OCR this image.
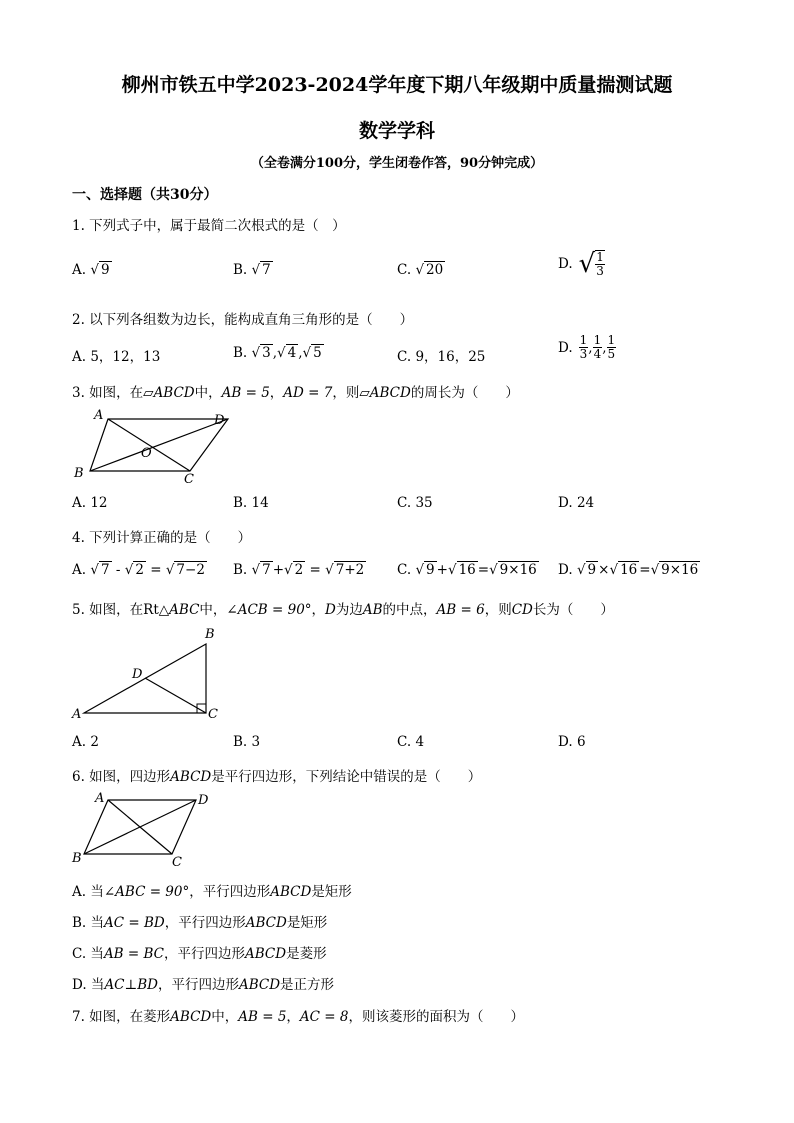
柳州市铁五中学2023-2024学年度下期八年级期中质量揣测试题
数学学科
（全卷满分100分，学生闭卷作答，90分钟完成）
一、选择题（共30分）
1. 下列式子中，属于最简二次根式的是（　）
A. √ 9	B. √ 7	C. √ 20	D. √ $\frac{1}{3}$
2. 以下列各组数为边长，能构成直角三角形的是（　　）
A. 5，12，13	B. √ 3 ,√ 4 ,√ 5	C. 9，16，25
D. $\frac{1}{3}$ , $\frac{1}{4}$ , $\frac{1}{5}$
3. 如图，在▱ABCD中，AB = 5，AD = 7，则▱ABCD的周长为（　　）
A	D
B	C
O
A. 12	B. 14	C. 35	D. 24
4. 下列计算正确的是（　　）
A. √ 7 - √ 2 = √ 7−2 B. √ 7 +√ 2 = √ 7+2 C. √ 9 +√ 16 =√ 9×16 D. √ 9 ×√ 16 =√ 9×16
5. 如图，在Rt△ABC中，∠ACB = 90°，D为边AB的中点，AB = 6，则CD长为（　　）
A
B
C
D
A. 2	B. 3	C. 4	D. 6
6. 如图，四边形ABCD是平行四边形，下列结论中错误的是（　　）
A	D
B	C
A. 当∠ABC = 90°，平行四边形ABCD是矩形
B. 当AC = BD，平行四边形ABCD是矩形
C. 当AB = BC，平行四边形ABCD是菱形
D. 当AC⊥BD，平行四边形ABCD是正方形
7. 如图，在菱形ABCD中，AB = 5，AC = 8，则该菱形的面积为（　　）
